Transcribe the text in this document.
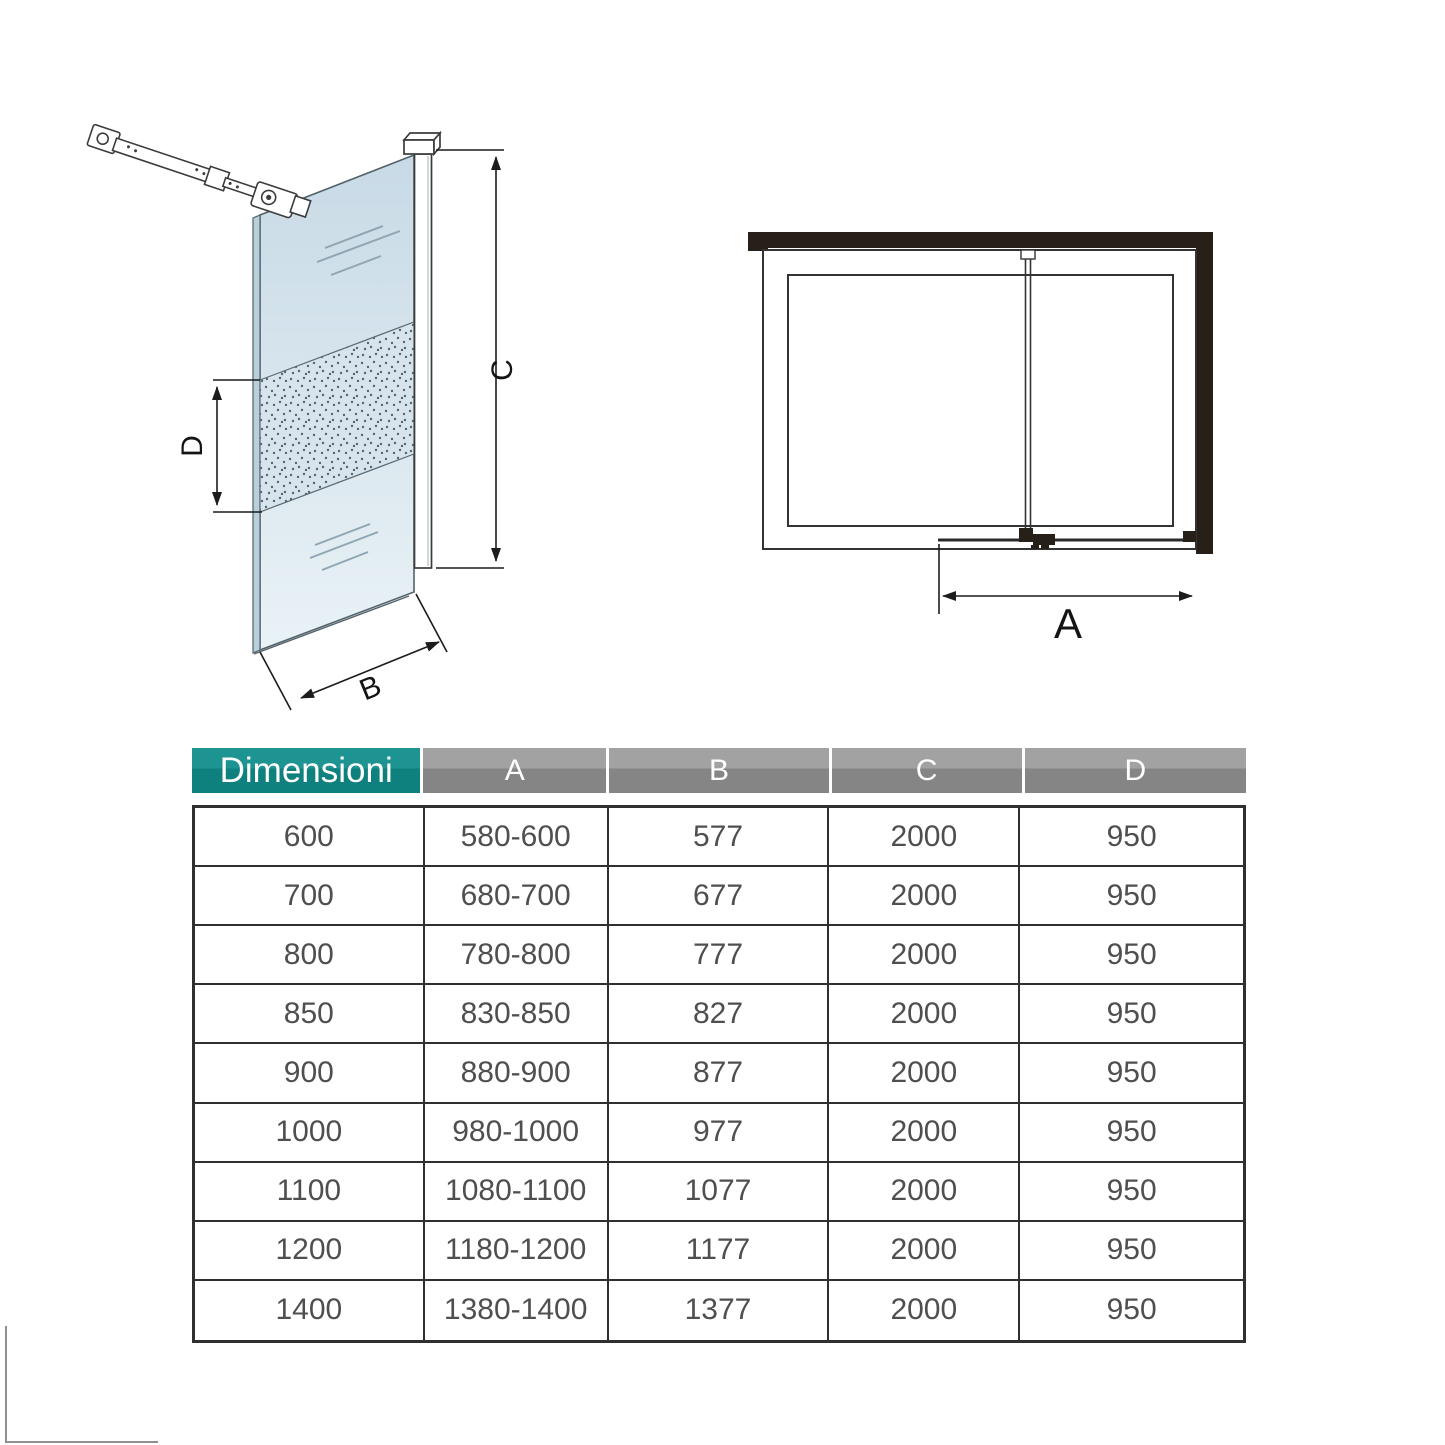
C
D
B
A
Dimensioni	A	B	C	D
600	580-600	577	2000	950
700	680-700	677	2000	950
800	780-800	777	2000	950
850	830-850	827	2000	950
900	880-900	877	2000	950
1000	980-1000	977	2000	950
1100	1080-1100	1077	2000	950
1200	1180-1200	1177	2000	950
1400	1380-1400	1377	2000	950
